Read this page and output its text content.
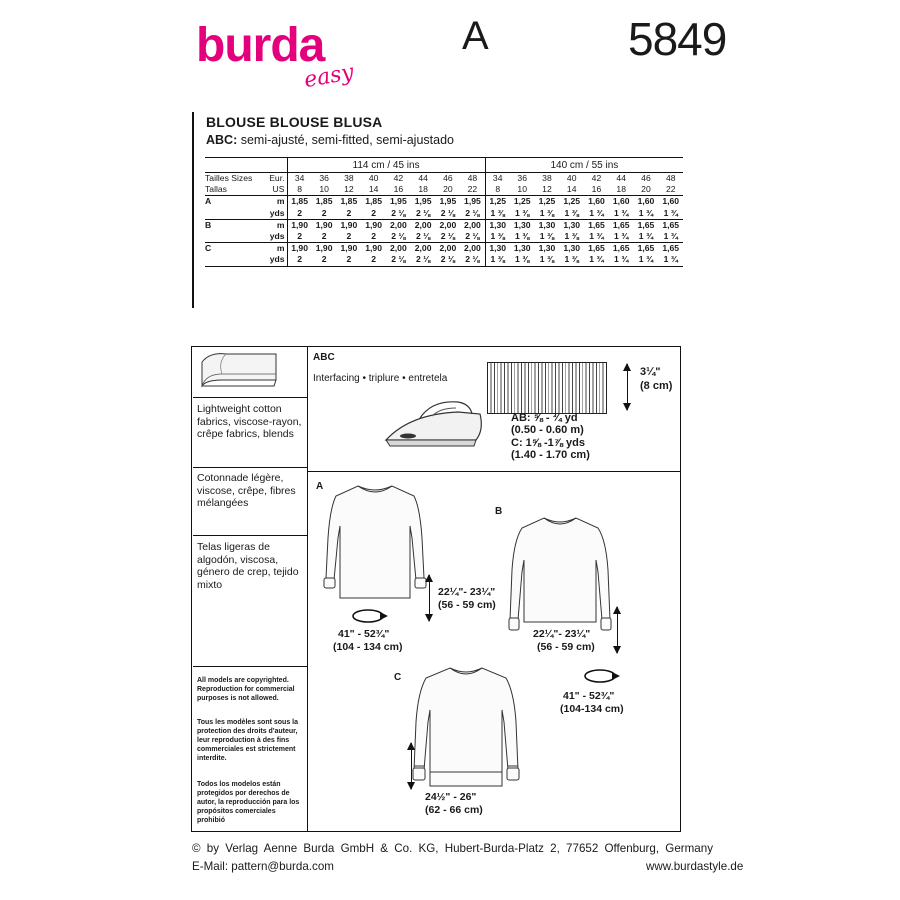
burda
easy
A	5849
BLOUSE BLOUSE BLUSA
ABC: semi-ajusté, semi-fitted, semi-ajustado
		114 cm / 45 ins								140 cm / 55 ins							
Tailles Sizes	Eur.	34	36	38	40	42	44	46	48	34	36	38	40	42	44	46	48
Tallas	US	8	10	12	14	16	18	20	22	8	10	12	14	16	18	20	22
A	m	1,85	1,85	1,85	1,85	1,95	1,95	1,95	1,95	1,25	1,25	1,25	1,25	1,60	1,60	1,60	1,60
	yds	2	2	2	2	2 ⅛	2 ⅛	2 ⅛	2 ⅛	1 ⅜	1 ⅜	1 ⅜	1 ⅜	1 ¾	1 ¾	1 ¾	1 ¾
B	m	1,90	1,90	1,90	1,90	2,00	2,00	2,00	2,00	1,30	1,30	1,30	1,30	1,65	1,65	1,65	1,65
	yds	2	2	2	2	2 ⅛	2 ⅛	2 ⅛	2 ⅛	1 ⅜	1 ⅜	1 ⅜	1 ⅜	1 ¾	1 ¾	1 ¾	1 ¾
C	m	1,90	1,90	1,90	1,90	2,00	2,00	2,00	2,00	1,30	1,30	1,30	1,30	1,65	1,65	1,65	1,65
	yds	2	2	2	2	2 ⅛	2 ⅛	2 ⅛	2 ⅛	1 ⅜	1 ⅜	1 ⅜	1 ⅜	1 ¾	1 ¾	1 ¾	1 ¾
Lightweight cotton fabrics, viscose-rayon, crêpe fabrics, blends
Cotonnade légère, viscose, crêpe, fibres mélangées
Telas ligeras de algodón, viscosa, género de crep, tejido mixto
All models are copyrighted. Reproduction for commercial purposes is not allowed.
Tous les modèles sont sous la protection des droits d'auteur, leur reproduction à des fins commerciales est strictement interdite.
Todos los modelos están protegidos por derechos de autor, la reproducción para los propósitos comerciales prohibió
ABC
Interfacing • triplure • entretela
3¼"
(8 cm)
AB: ⅝ - ¾ yd
(0.50 - 0.60 m)
C: 1⅝ -1⅞ yds
(1.40 - 1.70 cm)
A
22¼"- 23¼"
(56 - 59 cm)
41" - 52¾"
(104 - 134 cm)
B
22¼"- 23¼"
(56 - 59 cm)
41" - 52¾"
(104-134 cm)
C
24½" - 26"
(62 - 66 cm)
© by Verlag Aenne Burda GmbH & Co. KG, Hubert-Burda-Platz 2, 77652 Offenburg, Germany
E-Mail: pattern@burda.com	www.burdastyle.de
